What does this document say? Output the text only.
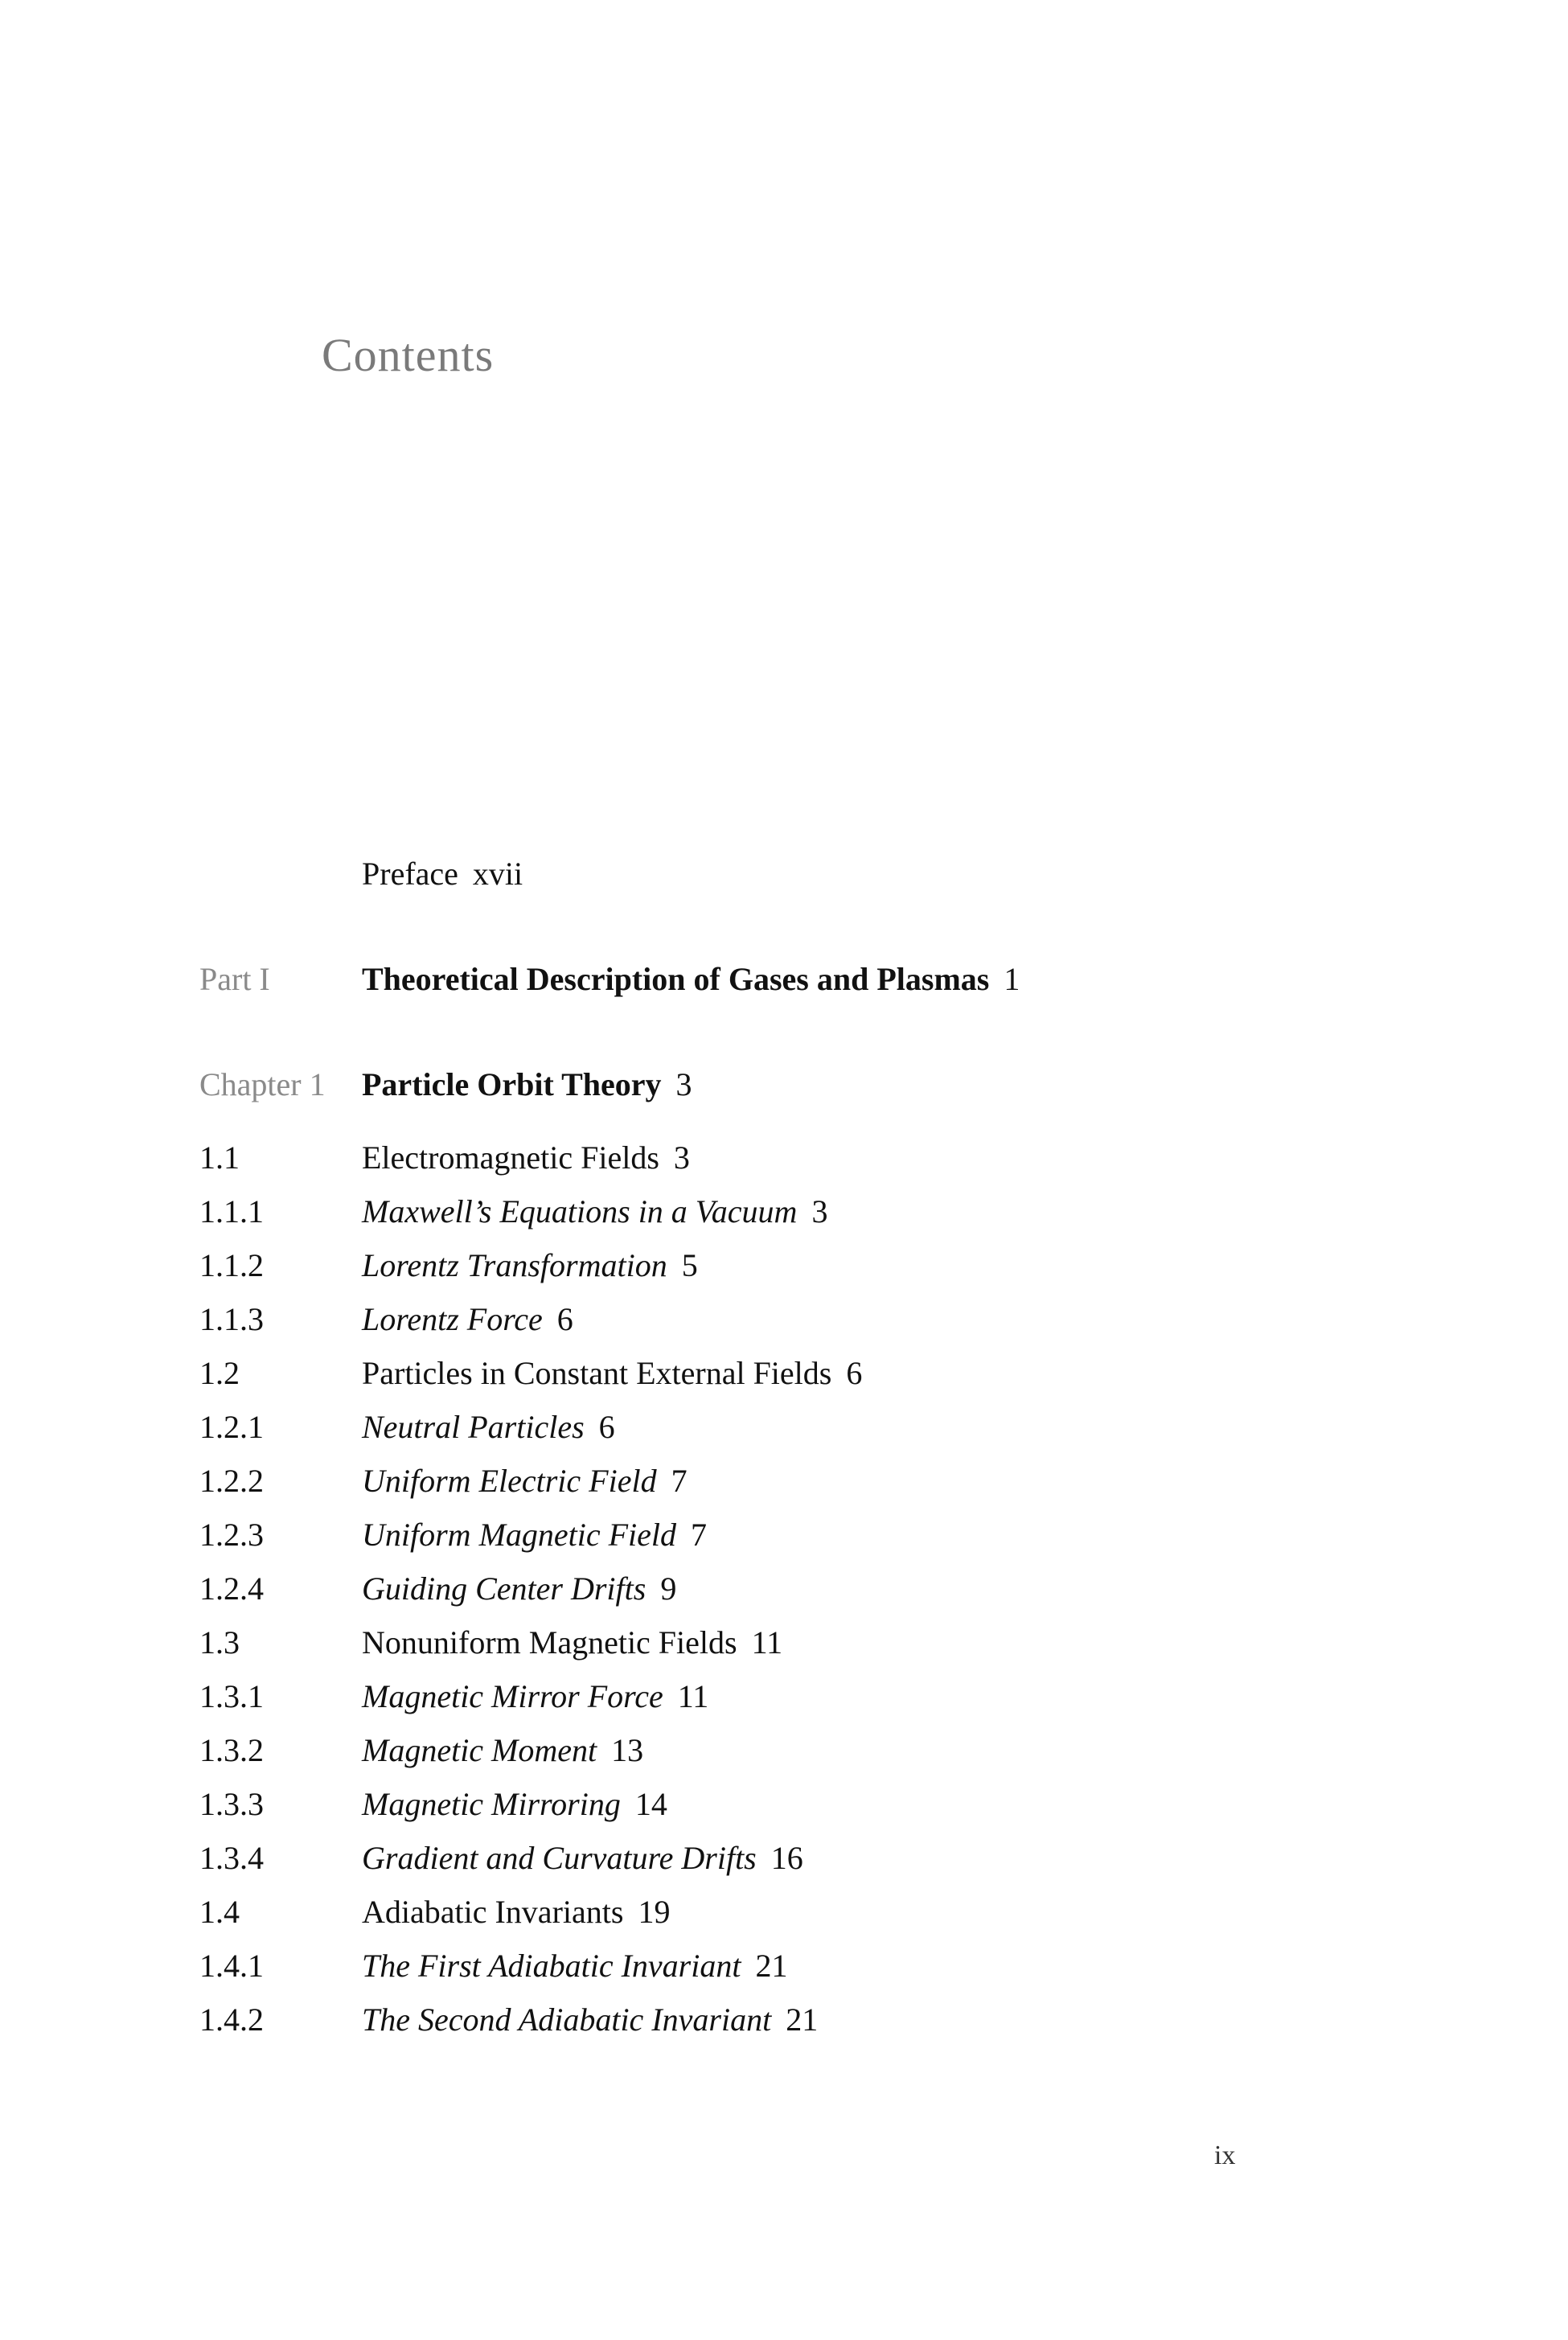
Contents
Preface xvii
Part I	Theoretical Description of Gases and Plasmas 1
Chapter 1 Particle Orbit Theory 3
1.1	Electromagnetic Fields 3
1.1.1	Maxwell’s Equations in a Vacuum 3
1.1.2	Lorentz Transformation 5
1.1.3	Lorentz Force 6
1.2	Particles in Constant External Fields 6
1.2.1	Neutral Particles 6
1.2.2	Uniform Electric Field 7
1.2.3	Uniform Magnetic Field 7
1.2.4	Guiding Center Drifts 9
1.3	Nonuniform Magnetic Fields 11
1.3.1	Magnetic Mirror Force 11
1.3.2	Magnetic Moment 13
1.3.3	Magnetic Mirroring 14
1.3.4	Gradient and Curvature Drifts 16
1.4	Adiabatic Invariants 19
1.4.1	The First Adiabatic Invariant 21
1.4.2	The Second Adiabatic Invariant 21
ix
